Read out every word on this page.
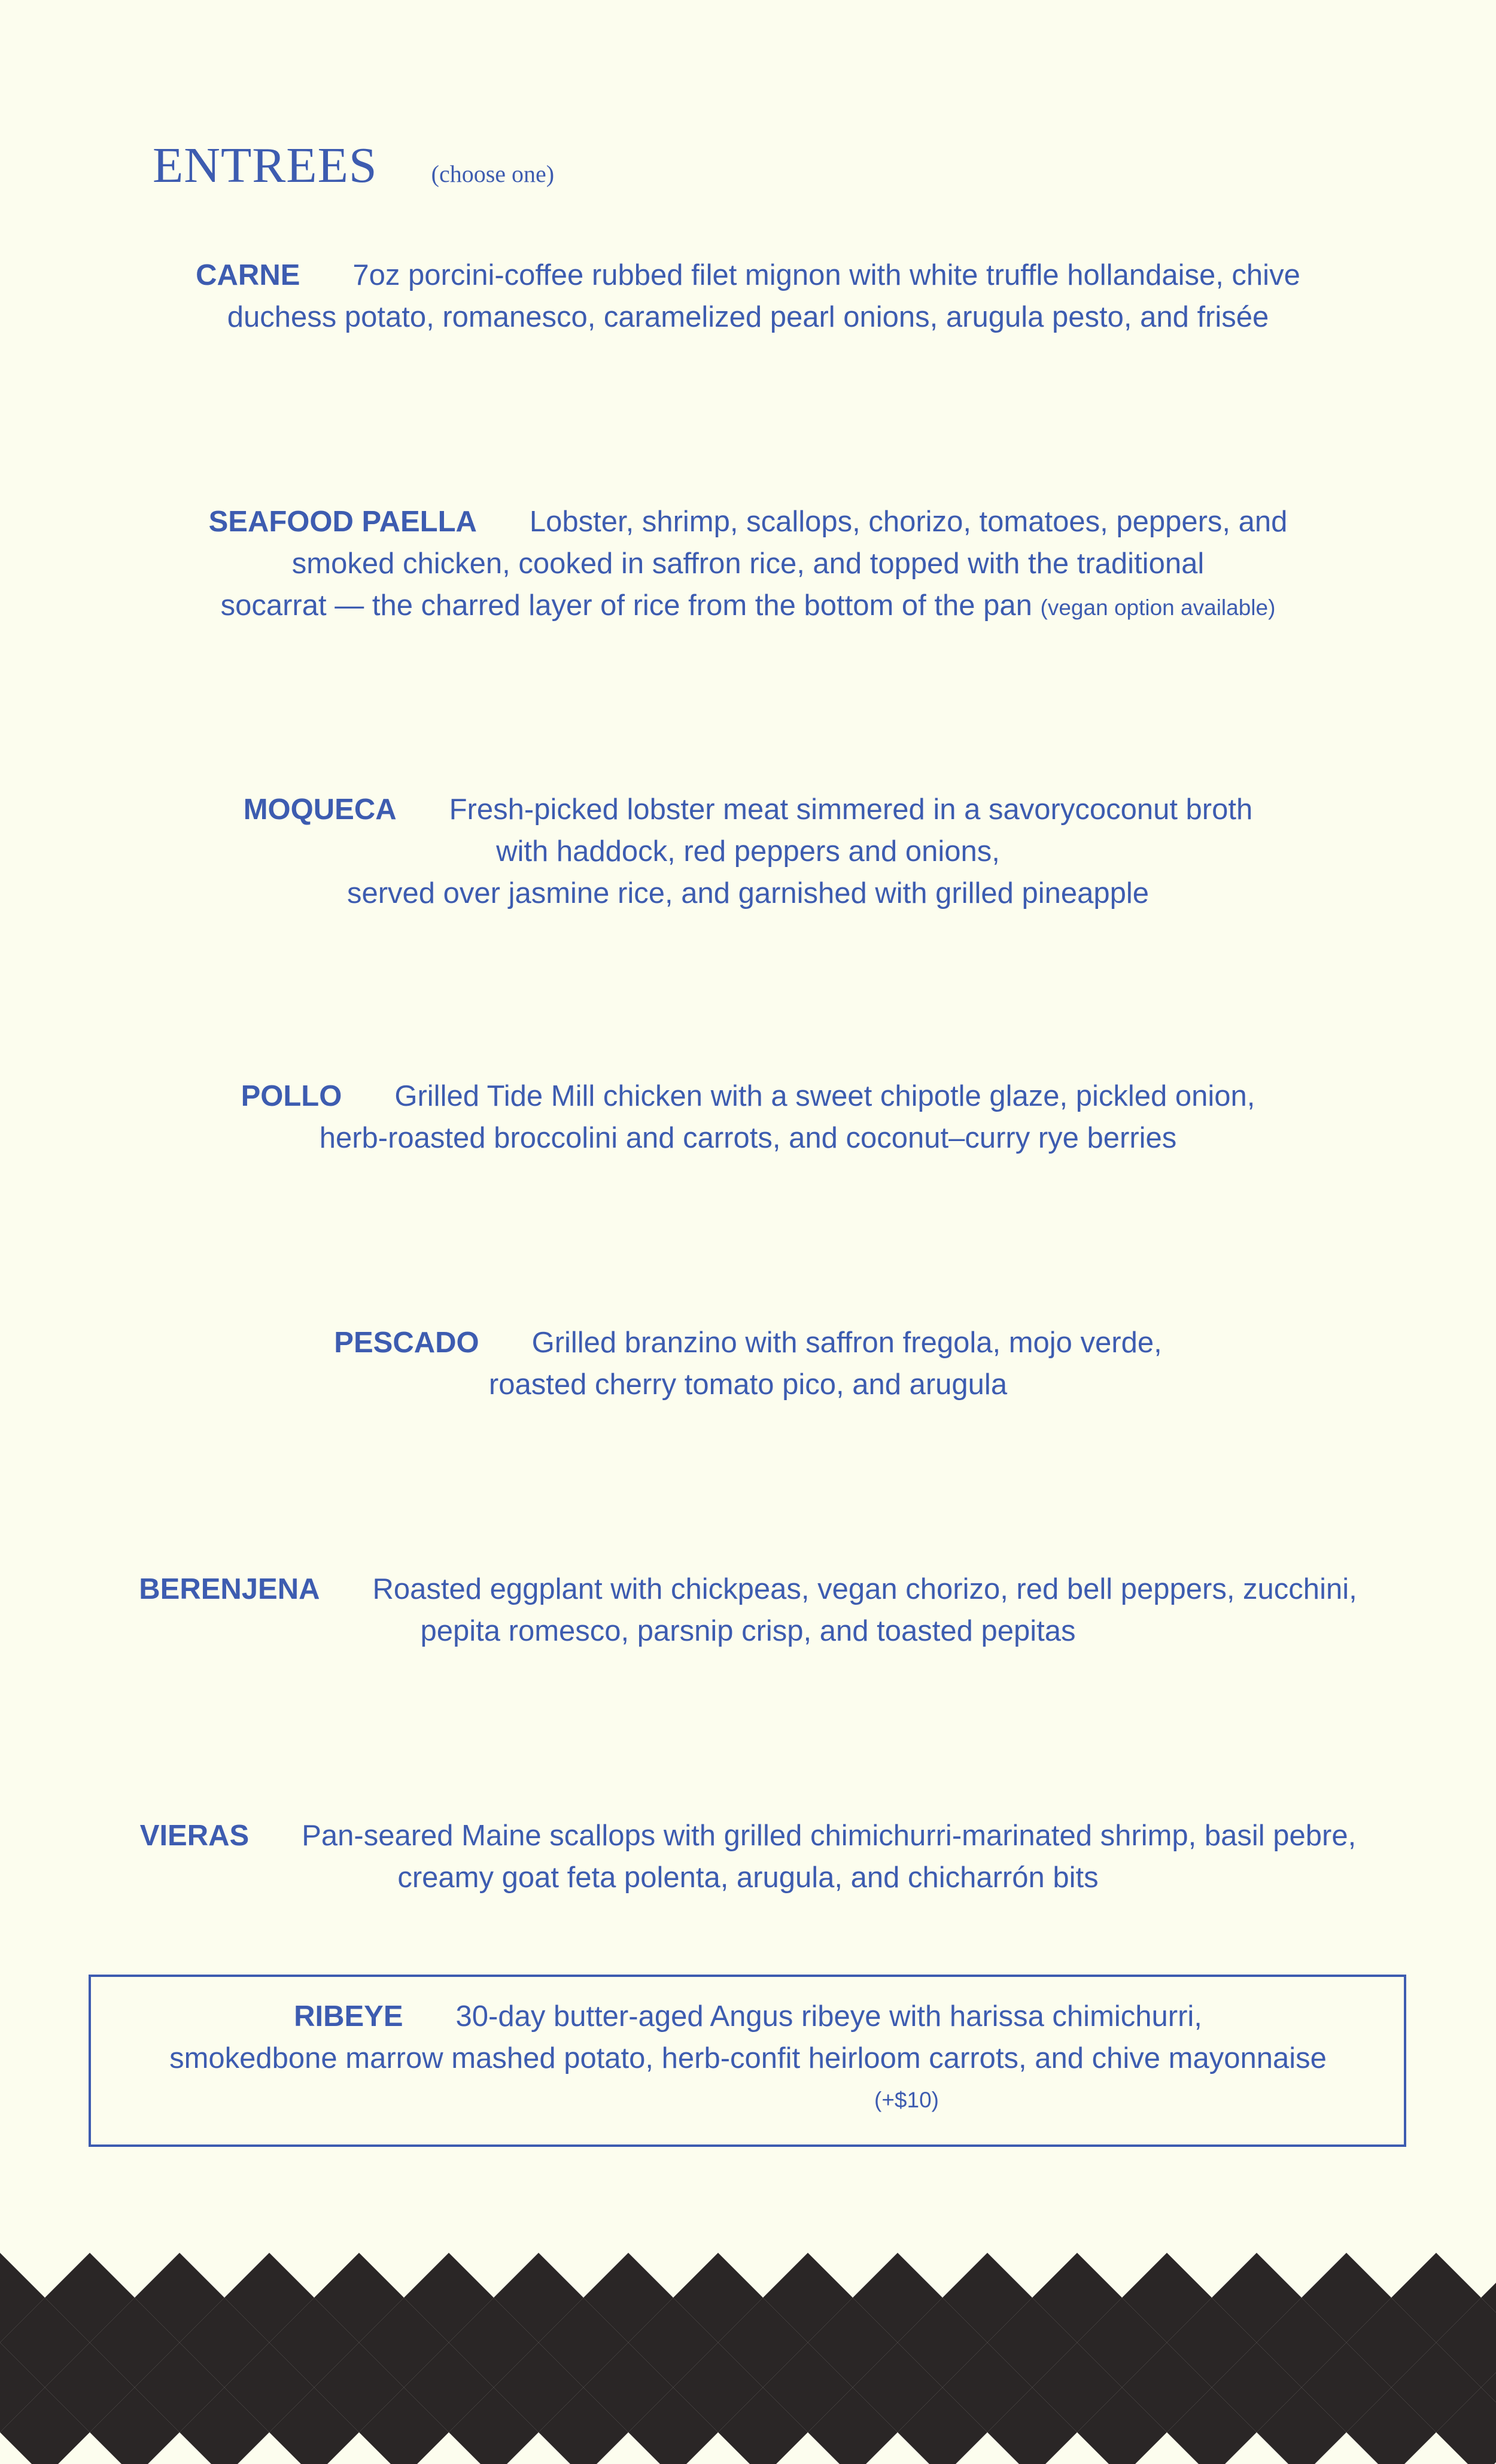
ENTREES (choose one)
CARNE 7oz porcini-coffee rubbed filet mignon with white truffle hollandaise, chive
duchess potato, romanesco, caramelized pearl onions, arugula pesto, and frisée
SEAFOOD PAELLA Lobster, shrimp, scallops, chorizo, tomatoes, peppers, and
smoked chicken, cooked in saffron rice, and topped with the traditional
socarrat — the charred layer of rice from the bottom of the pan (vegan option available)
MOQUECA Fresh-picked lobster meat simmered in a savorycoconut broth
with haddock, red peppers and onions,
served over jasmine rice, and garnished with grilled pineapple
POLLO Grilled Tide Mill chicken with a sweet chipotle glaze, pickled onion,
herb-roasted broccolini and carrots, and coconut–curry rye berries
PESCADO Grilled branzino with saffron fregola, mojo verde,
roasted cherry tomato pico, and arugula
BERENJENA Roasted eggplant with chickpeas, vegan chorizo, red bell peppers, zucchini,
pepita romesco, parsnip crisp, and toasted pepitas
VIERAS Pan-seared Maine scallops with grilled chimichurri-marinated shrimp, basil pebre,
creamy goat feta polenta, arugula, and chicharrón bits
RIBEYE 30-day butter-aged Angus ribeye with harissa chimichurri,
smokedbone marrow mashed potato, herb-confit heirloom carrots, and chive mayonnaise
(+$10)
